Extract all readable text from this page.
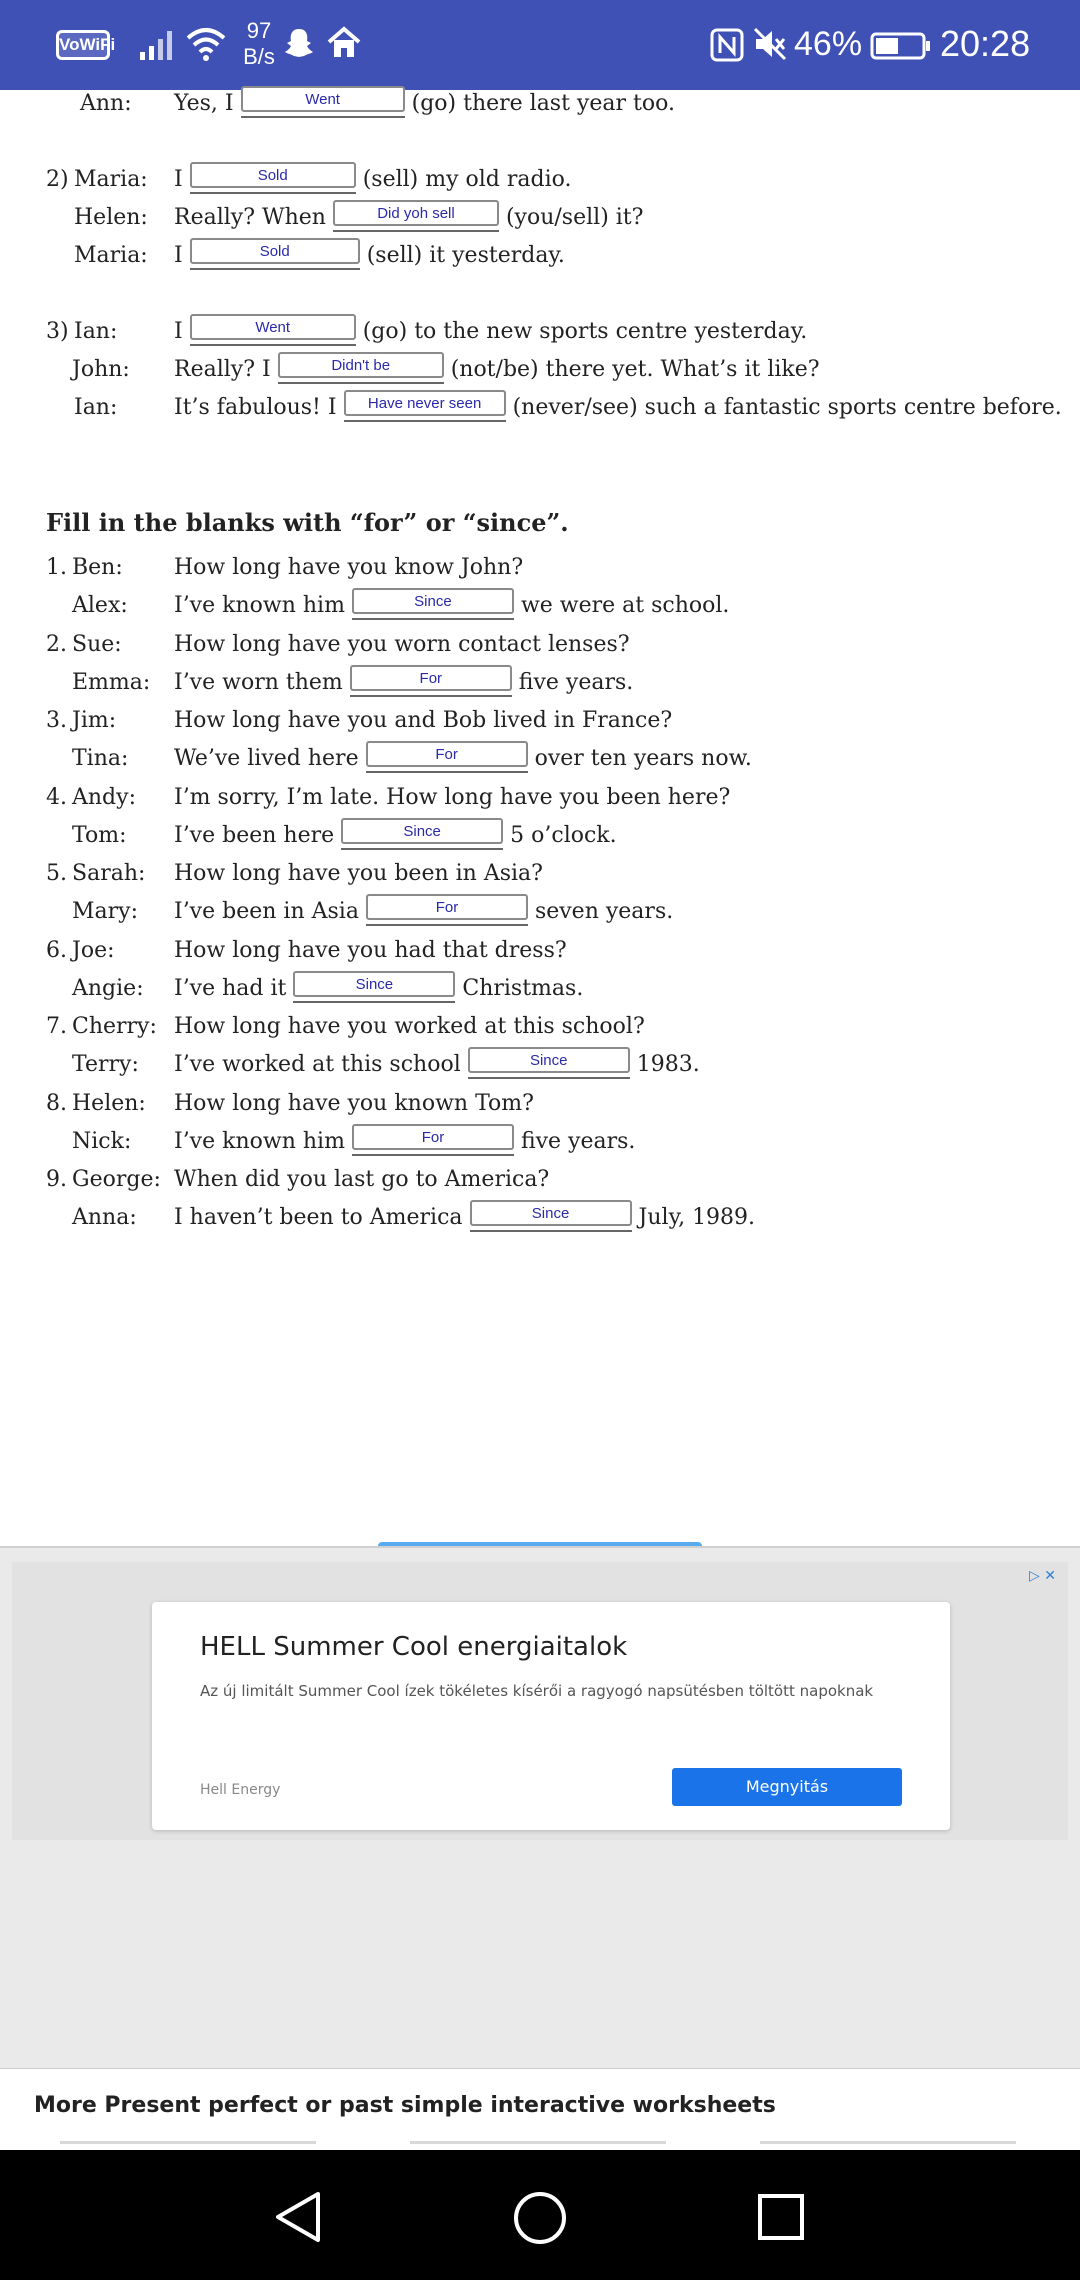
VoWiFi
97
B/s	46% 20:28
Ann: Yes, I
Went	(go) there last year too.
2) Maria: I
Sold	(sell) my old radio.
Helen: Really? When
Did yoh sell	(you/sell) it?
Maria: I
Sold	(sell) it yesterday.
3) Ian:	I
Went	(go) to the new sports centre yesterday.
John: Really? I
Didn't be	(not/be) there yet. What’s it like?
Ian:	It’s fabulous! I
Have never seen	(never/see) such a fantastic sports centre before.
Fill in the blanks with “for” or “since”.
1. Ben: How long have you know John?
Alex: I’ve known him
Since	we were at school.
2. Sue: How long have you worn contact lenses?
Emma: I’ve worn them
For	five years.
3. Jim:	How long have you and Bob lived in France?
Tina: We’ve lived here
For	over ten years now.
4. Andy: I’m sorry, I’m late. How long have you been here?
Tom: I’ve been here
Since	5 o’clock.
5. Sarah: How long have you been in Asia?
Mary: I’ve been in Asia
For	seven years.
6. Joe:	How long have you had that dress?
Angie: I’ve had it
Since	Christmas.
7. Cherry: How long have you worked at this school?
Terry: I’ve worked at this school
Since	1983.
8. Helen: How long have you known Tom?
Nick: I’ve known him
For	five years.
9. George: When did you last go to America?
Anna: I haven’t been to America
Since	July, 1989.
▷ ✕
HELL Summer Cool energiaitalok
Az új limitált Summer Cool ízek tökéletes kísérői a ragyogó napsütésben töltött napoknak
Hell Energy	Megnyitás
More Present perfect or past simple interactive worksheets
